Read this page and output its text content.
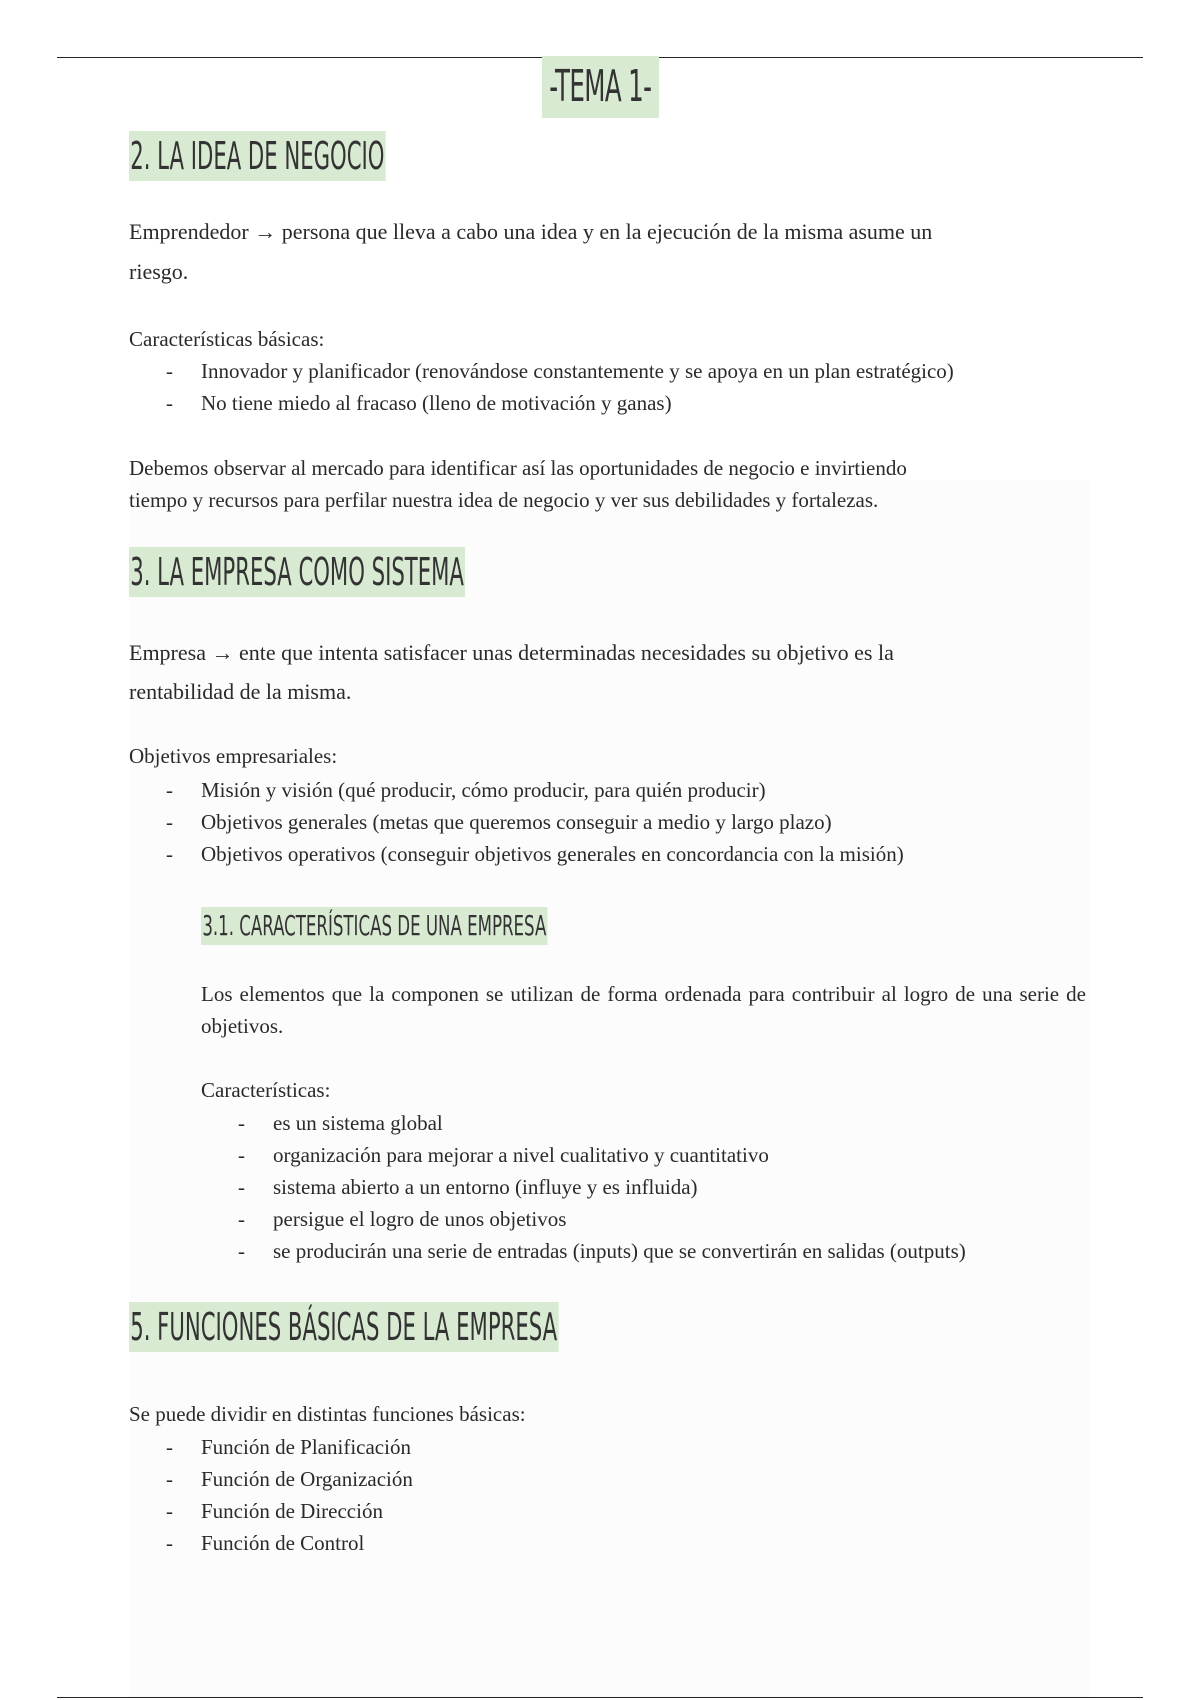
-TEMA 1-
2. LA IDEA DE NEGOCIO

Emprendedor → persona que lleva a cabo una idea y en la ejecución de la misma asume un

riesgo.

Características básicas:

- Innovador y planificador (renovándose constantemente y se apoya en un plan estratégico)
- No tiene miedo al fracaso (lleno de motivación y ganas)

Debemos observar al mercado para identificar así las oportunidades de negocio e invirtiendo

tiempo y recursos para perfilar nuestra idea de negocio y ver sus debilidades y fortalezas.

3. LA EMPRESA COMO SISTEMA

Empresa → ente que intenta satisfacer unas determinadas necesidades su objetivo es la

rentabilidad de la misma.

Objetivos empresariales:

- Misión y visión (qué producir, cómo producir, para quién producir)
- Objetivos generales (metas que queremos conseguir a medio y largo plazo)
- Objetivos operativos (conseguir objetivos generales en concordancia con la misión)
3.1. CARACTERÍSTICAS DE UNA EMPRESA

Los elementos que la componen se utilizan de forma ordenada para contribuir al logro de una serie de objetivos.

Características:

- es un sistema global
- organización para mejorar a nivel cualitativo y cuantitativo
- sistema abierto a un entorno (influye y es influida)
- persigue el logro de unos objetivos
- se producirán una serie de entradas (inputs) que se convertirán en salidas (outputs)
5. FUNCIONES BÁSICAS DE LA EMPRESA

Se puede dividir en distintas funciones básicas:

- Función de Planificación
- Función de Organización
- Función de Dirección
- Función de Control
